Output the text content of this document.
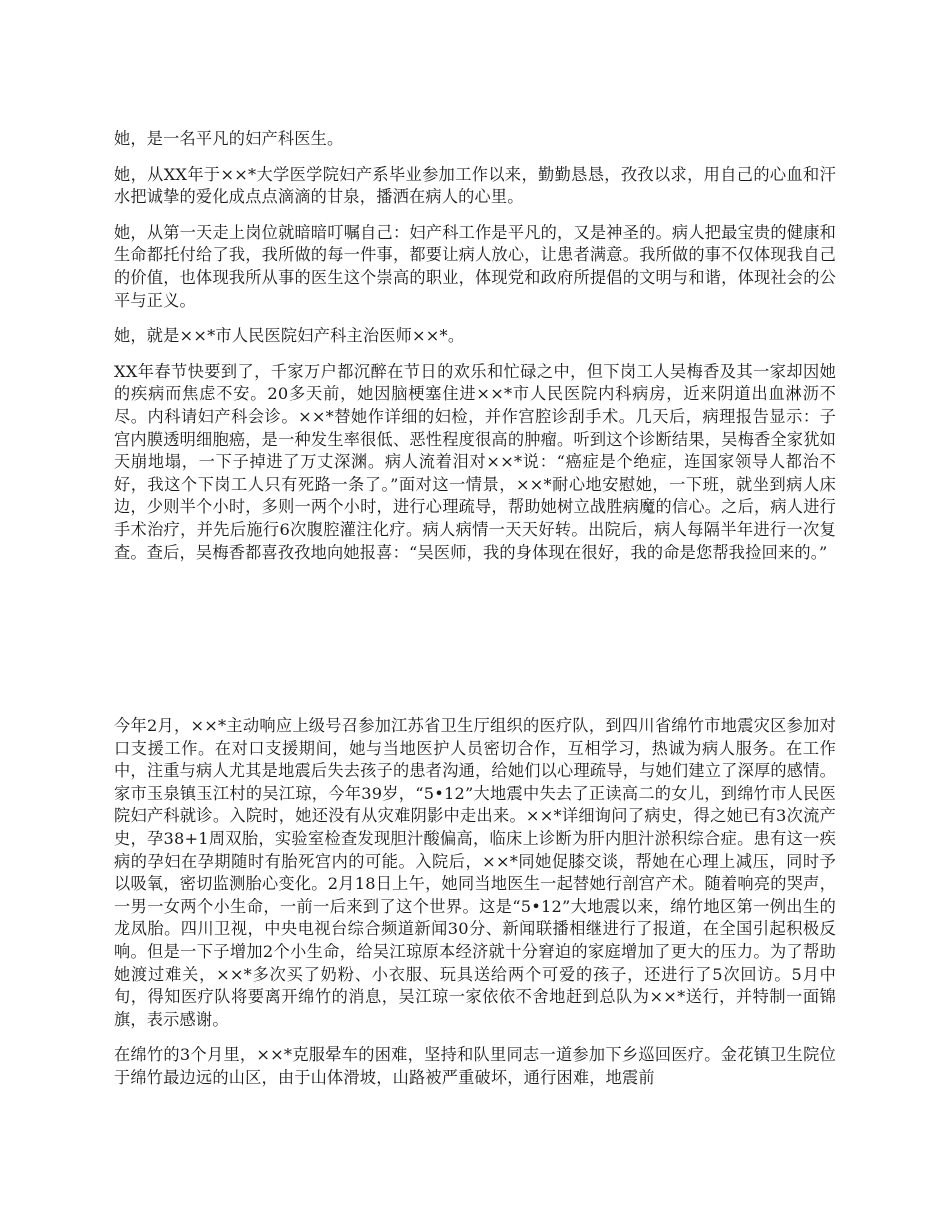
她，是一名平凡的妇产科医生。

她，从XX年于××*大学医学院妇产系毕业参加工作以来，勤勤恳恳，孜孜以求，用自己的心血和汗水把诚挚的爱化成点点滴滴的甘泉，播洒在病人的心里。

她，从第一天走上岗位就暗暗叮嘱自己：妇产科工作是平凡的，又是神圣的。病人把最宝贵的健康和生命都托付给了我，我所做的每一件事，都要让病人放心，让患者满意。我所做的事不仅体现我自己的价值，也体现我所从事的医生这个崇高的职业，体现党和政府所提倡的文明与和谐，体现社会的公平与正义。

她，就是××*市人民医院妇产科主治医师××*。

XX年春节快要到了，千家万户都沉醉在节日的欢乐和忙碌之中，但下岗工人吴梅香及其一家却因她的疾病而焦虑不安。20多天前，她因脑梗塞住进××*市人民医院内科病房，近来阴道出血淋沥不尽。内科请妇产科会诊。××*替她作详细的妇检，并作宫腔诊刮手术。几天后，病理报告显示：子宫内膜透明细胞癌，是一种发生率很低、恶性程度很高的肿瘤。听到这个诊断结果，吴梅香全家犹如天崩地塌，一下子掉进了万丈深渊。病人流着泪对××*说：“癌症是个绝症，连国家领导人都治不好，我这个下岗工人只有死路一条了。”面对这一情景，××*耐心地安慰她，一下班，就坐到病人床边，少则半个小时，多则一两个小时，进行心理疏导，帮助她树立战胜病魔的信心。之后，病人进行手术治疗，并先后施行6次腹腔灌注化疗。病人病情一天天好转。出院后，病人每隔半年进行一次复查。查后，吴梅香都喜孜孜地向她报喜：“吴医师，我的身体现在很好，我的命是您帮我捡回来的。”

今年2月，××*主动响应上级号召参加江苏省卫生厅组织的医疗队，到四川省绵竹市地震灾区参加对口支援工作。在对口支援期间，她与当地医护人员密切合作，互相学习，热诚为病人服务。在工作中，注重与病人尤其是地震后失去孩子的患者沟通，给她们以心理疏导，与她们建立了深厚的感情。家市玉泉镇玉江村的吴江琼，今年39岁，“5•12”大地震中失去了正读高二的女儿，到绵竹市人民医院妇产科就诊。入院时，她还没有从灾难阴影中走出来。××*详细询问了病史，得之她已有3次流产史，孕38+1周双胎，实验室检查发现胆汁酸偏高，临床上诊断为肝内胆汁淤积综合症。患有这一疾病的孕妇在孕期随时有胎死宫内的可能。入院后，××*同她促膝交谈，帮她在心理上减压，同时予以吸氧，密切监测胎心变化。2月18日上午，她同当地医生一起替她行剖宫产术。随着响亮的哭声，一男一女两个小生命，一前一后来到了这个世界。这是“5•12”大地震以来，绵竹地区第一例出生的龙凤胎。四川卫视，中央电视台综合频道新闻30分、新闻联播相继进行了报道，在全国引起积极反响。但是一下子增加2个小生命，给吴江琼原本经济就十分窘迫的家庭增加了更大的压力。为了帮助她渡过难关，××*多次买了奶粉、小衣服、玩具送给两个可爱的孩子，还进行了5次回访。5月中旬，得知医疗队将要离开绵竹的消息，吴江琼一家依依不舍地赶到总队为××*送行，并特制一面锦旗，表示感谢。

在绵竹的3个月里，××*克服晕车的困难，坚持和队里同志一道参加下乡巡回医疗。金花镇卫生院位于绵竹最边远的山区，由于山体滑坡，山路被严重破坏，通行困难，地震前
